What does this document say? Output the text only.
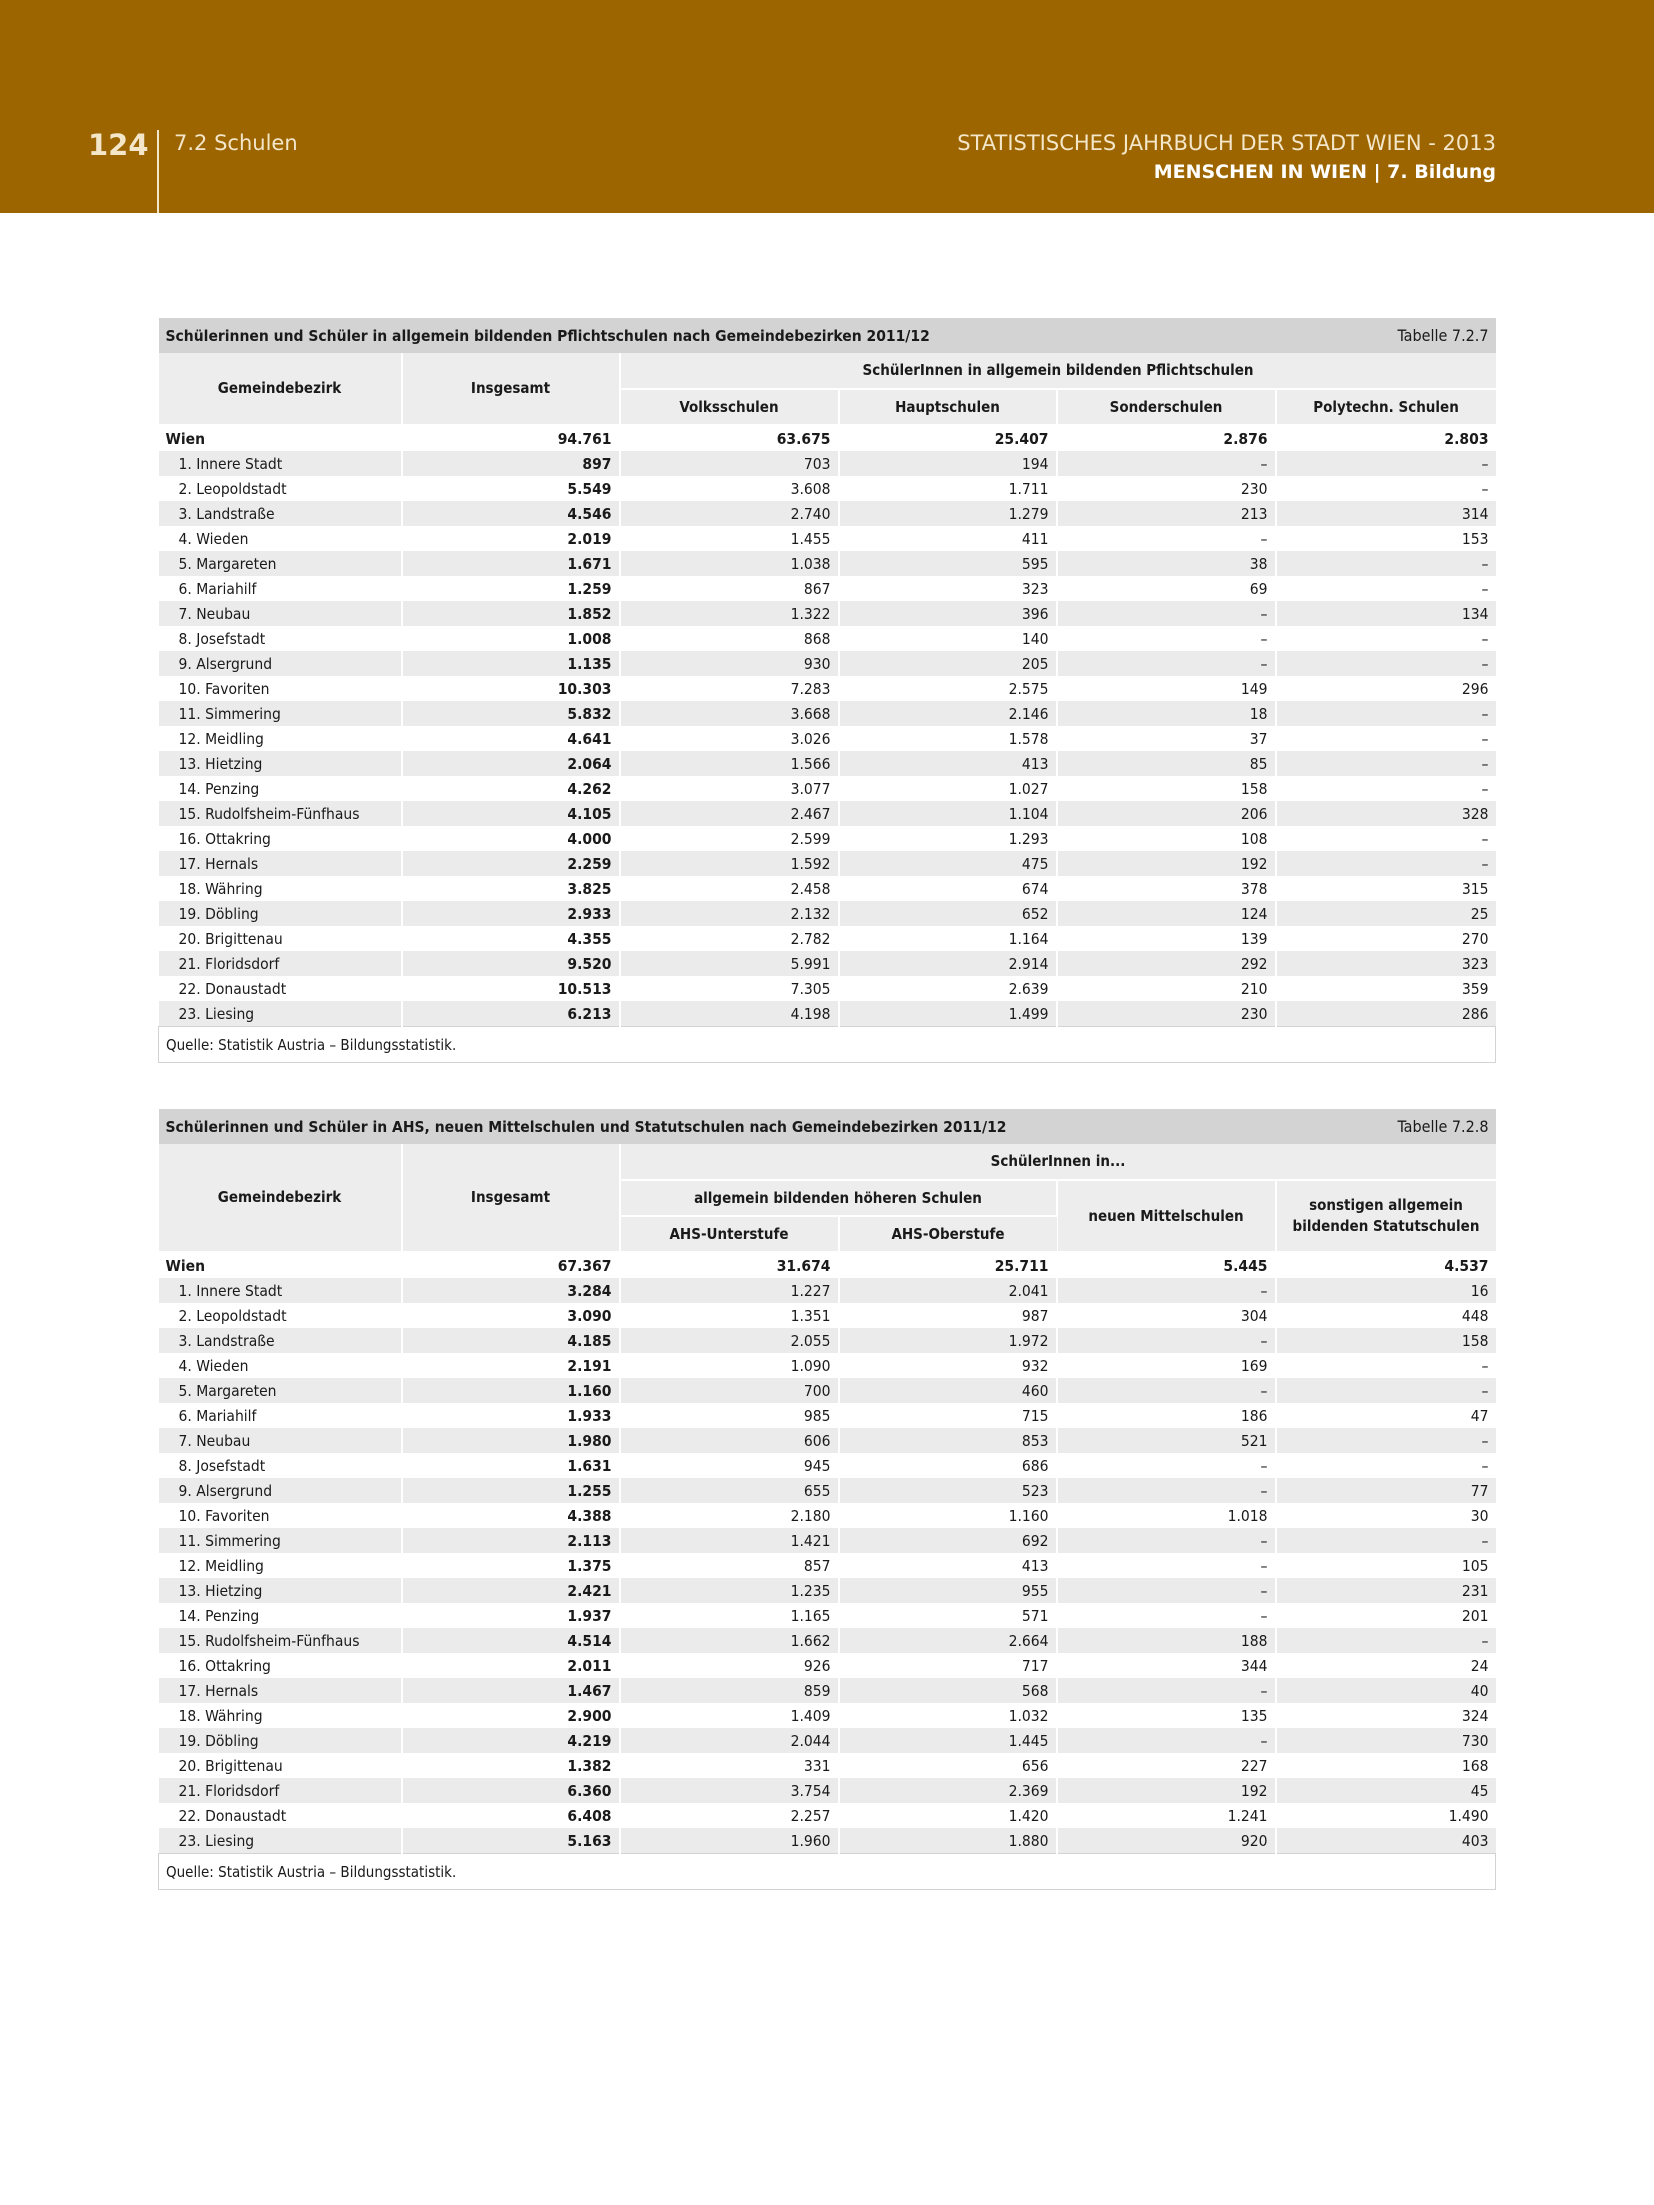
124 7.2 Schulen	STATISTISCHES JAHRBUCH DER STADT WIEN - 2013
MENSCHEN IN WIEN | 7. Bildung
Schülerinnen und Schüler in allgemein bildenden Pflichtschulen nach Gemeindebezirken 2011/12					Tabelle 7.2.7
Gemeindebezirk	Insgesamt	SchülerInnen in allgemein bildenden Pflichtschulen			
		Volksschulen	Hauptschulen	Sonderschulen	Polytechn. Schulen
Wien	94.761	63.675	25.407	2.876	2.803
1. Innere Stadt	897	703	194	–	–
2. Leopoldstadt	5.549	3.608	1.711	230	–
3. Landstraße	4.546	2.740	1.279	213	314
4. Wieden	2.019	1.455	411	–	153
5. Margareten	1.671	1.038	595	38	–
6. Mariahilf	1.259	867	323	69	–
7. Neubau	1.852	1.322	396	–	134
8. Josefstadt	1.008	868	140	–	–
9. Alsergrund	1.135	930	205	–	–
10. Favoriten	10.303	7.283	2.575	149	296
11. Simmering	5.832	3.668	2.146	18	–
12. Meidling	4.641	3.026	1.578	37	–
13. Hietzing	2.064	1.566	413	85	–
14. Penzing	4.262	3.077	1.027	158	–
15. Rudolfsheim-Fünfhaus	4.105	2.467	1.104	206	328
16. Ottakring	4.000	2.599	1.293	108	–
17. Hernals	2.259	1.592	475	192	–
18. Währing	3.825	2.458	674	378	315
19. Döbling	2.933	2.132	652	124	25
20. Brigittenau	4.355	2.782	1.164	139	270
21. Floridsdorf	9.520	5.991	2.914	292	323
22. Donaustadt	10.513	7.305	2.639	210	359
23. Liesing	6.213	4.198	1.499	230	286
Quelle: Statistik Austria – Bildungsstatistik.					
Schülerinnen und Schüler in AHS, neuen Mittelschulen und Statutschulen nach Gemeindebezirken 2011/12					Tabelle 7.2.8
Gemeindebezirk	Insgesamt	SchülerInnen in...			
		allgemein bildenden höheren Schulen		neuen Mittelschulen	sonstigen allgemein
bildenden Statutschulen
		AHS-Unterstufe	AHS-Oberstufe		
Wien	67.367	31.674	25.711	5.445	4.537
1. Innere Stadt	3.284	1.227	2.041	–	16
2. Leopoldstadt	3.090	1.351	987	304	448
3. Landstraße	4.185	2.055	1.972	–	158
4. Wieden	2.191	1.090	932	169	–
5. Margareten	1.160	700	460	–	–
6. Mariahilf	1.933	985	715	186	47
7. Neubau	1.980	606	853	521	–
8. Josefstadt	1.631	945	686	–	–
9. Alsergrund	1.255	655	523	–	77
10. Favoriten	4.388	2.180	1.160	1.018	30
11. Simmering	2.113	1.421	692	–	–
12. Meidling	1.375	857	413	–	105
13. Hietzing	2.421	1.235	955	–	231
14. Penzing	1.937	1.165	571	–	201
15. Rudolfsheim-Fünfhaus	4.514	1.662	2.664	188	–
16. Ottakring	2.011	926	717	344	24
17. Hernals	1.467	859	568	–	40
18. Währing	2.900	1.409	1.032	135	324
19. Döbling	4.219	2.044	1.445	–	730
20. Brigittenau	1.382	331	656	227	168
21. Floridsdorf	6.360	3.754	2.369	192	45
22. Donaustadt	6.408	2.257	1.420	1.241	1.490
23. Liesing	5.163	1.960	1.880	920	403
Quelle: Statistik Austria – Bildungsstatistik.					
